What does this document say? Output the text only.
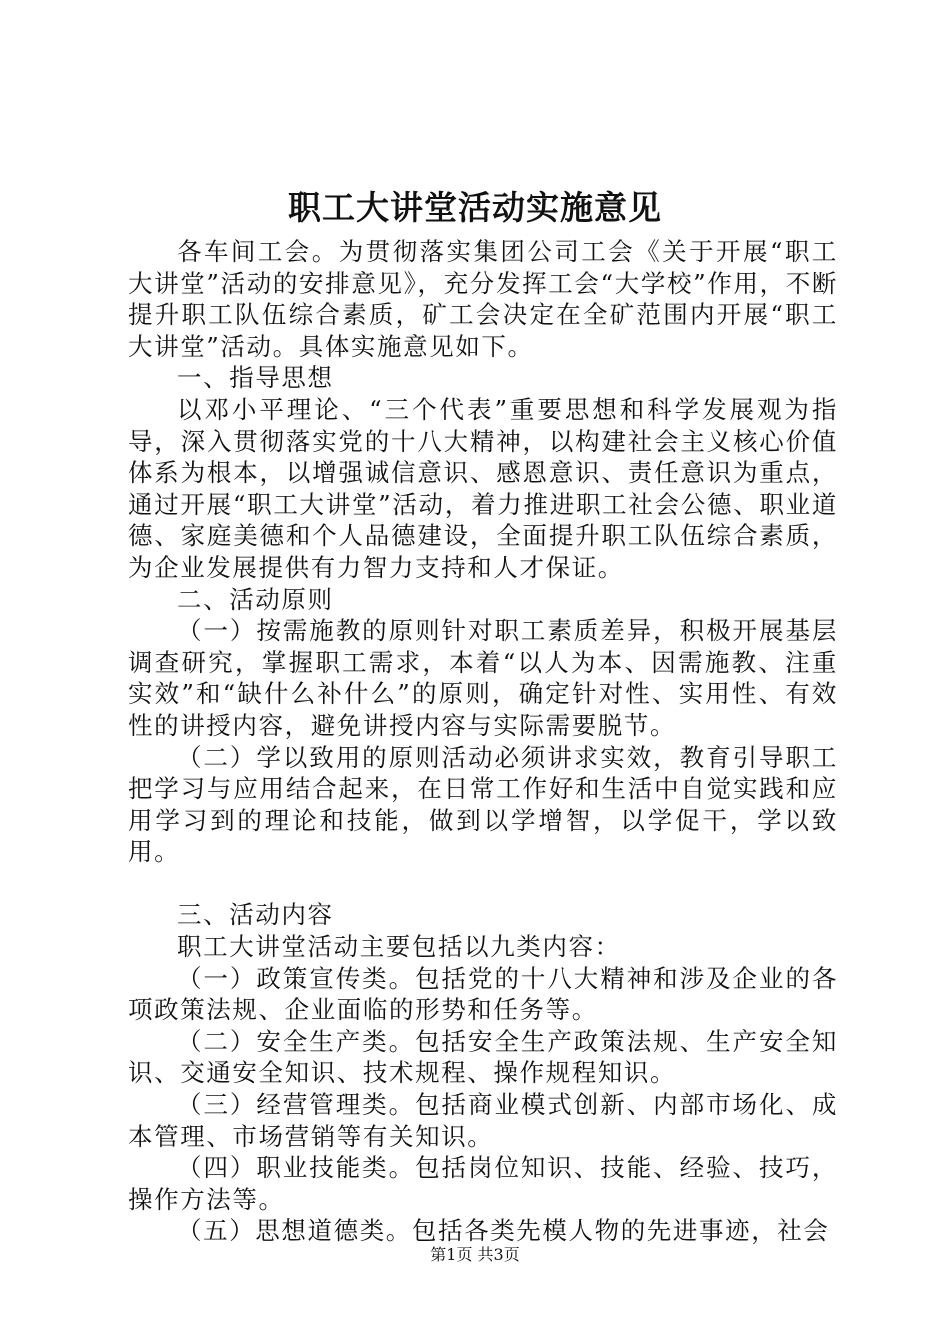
职工大讲堂活动实施意见

各车间工会。为贯彻落实集团公司工会《关于开展“职工大讲堂”活动的安排意见》，充分发挥工会“大学校”作用，不断提升职工队伍综合素质，矿工会决定在全矿范围内开展“职工大讲堂”活动。具体实施意见如下。

一、指导思想

以邓小平理论、“三个代表”重要思想和科学发展观为指导，深入贯彻落实党的十八大精神，以构建社会主义核心价值体系为根本，以增强诚信意识、感恩意识、责任意识为重点，通过开展“职工大讲堂”活动，着力推进职工社会公德、职业道德、家庭美德和个人品德建设，全面提升职工队伍综合素质，为企业发展提供有力智力支持和人才保证。

二、活动原则

（一）按需施教的原则针对职工素质差异，积极开展基层调查研究，掌握职工需求，本着“以人为本、因需施教、注重实效”和“缺什么补什么”的原则，确定针对性、实用性、有效性的讲授内容，避免讲授内容与实际需要脱节。

（二）学以致用的原则活动必须讲求实效，教育引导职工把学习与应用结合起来，在日常工作好和生活中自觉实践和应用学习到的理论和技能，做到以学增智，以学促干，学以致用。

三、活动内容

职工大讲堂活动主要包括以九类内容：

（一）政策宣传类。包括党的十八大精神和涉及企业的各项政策法规、企业面临的形势和任务等。

（二）安全生产类。包括安全生产政策法规、生产安全知识、交通安全知识、技术规程、操作规程知识。

（三）经营管理类。包括商业模式创新、内部市场化、成本管理、市场营销等有关知识。

（四）职业技能类。包括岗位知识、技能、经验、技巧，操作方法等。

（五）思想道德类。包括各类先模人物的先进事迹，社会

第1页 共3页
